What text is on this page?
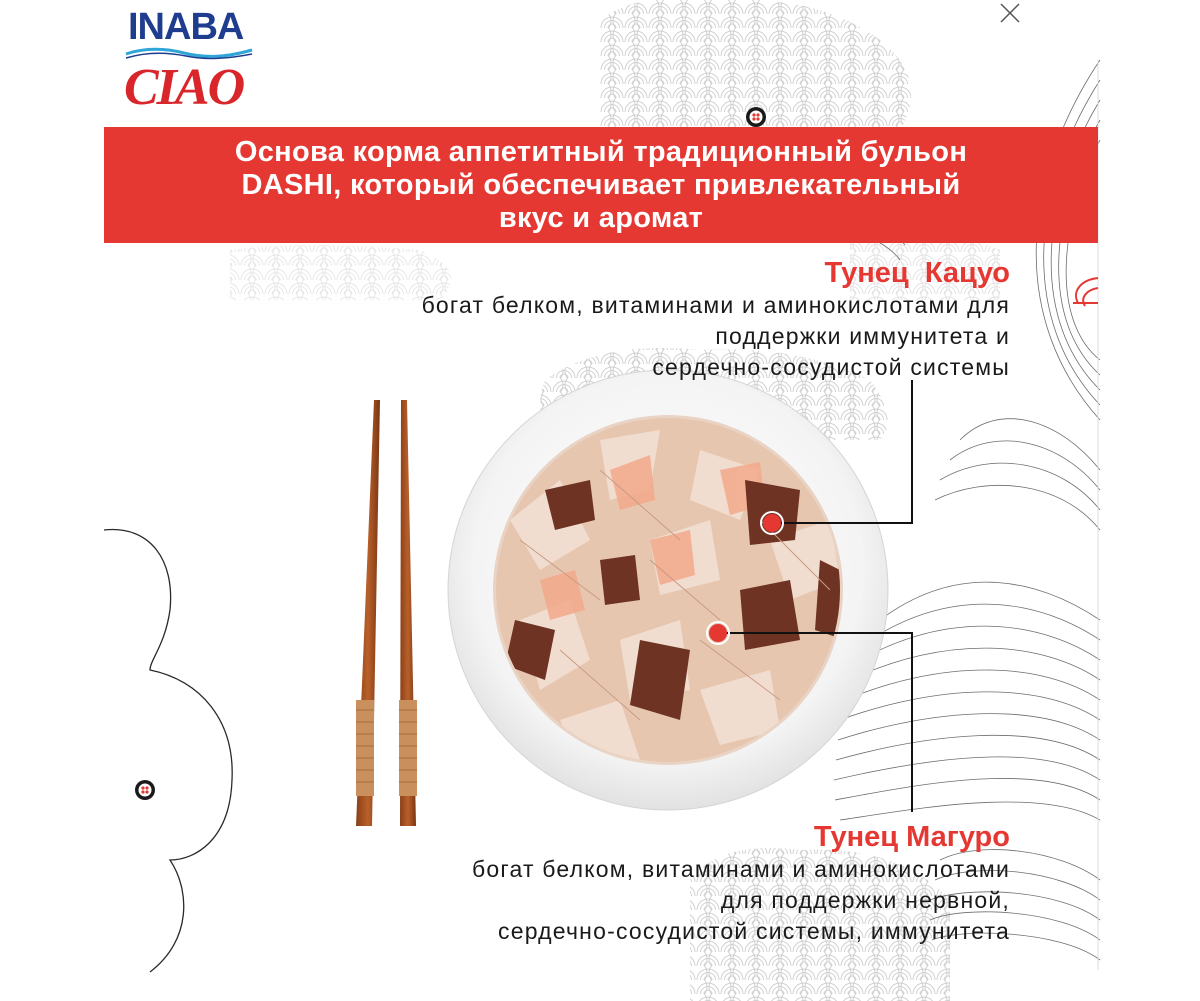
INABA
CIAO
Основа корма аппетитный традиционный бульон
DASHI, который обеспечивает привлекательный
вкус и аромат
Тунец  Кацуо
богат белком, витаминами и аминокислотами для
поддержки иммунитета и
сердечно-сосудистой системы
Тунец Магуро
богат белком, витаминами и аминокислотами
для поддержки нервной,
сердечно-сосудистой системы, иммунитета
